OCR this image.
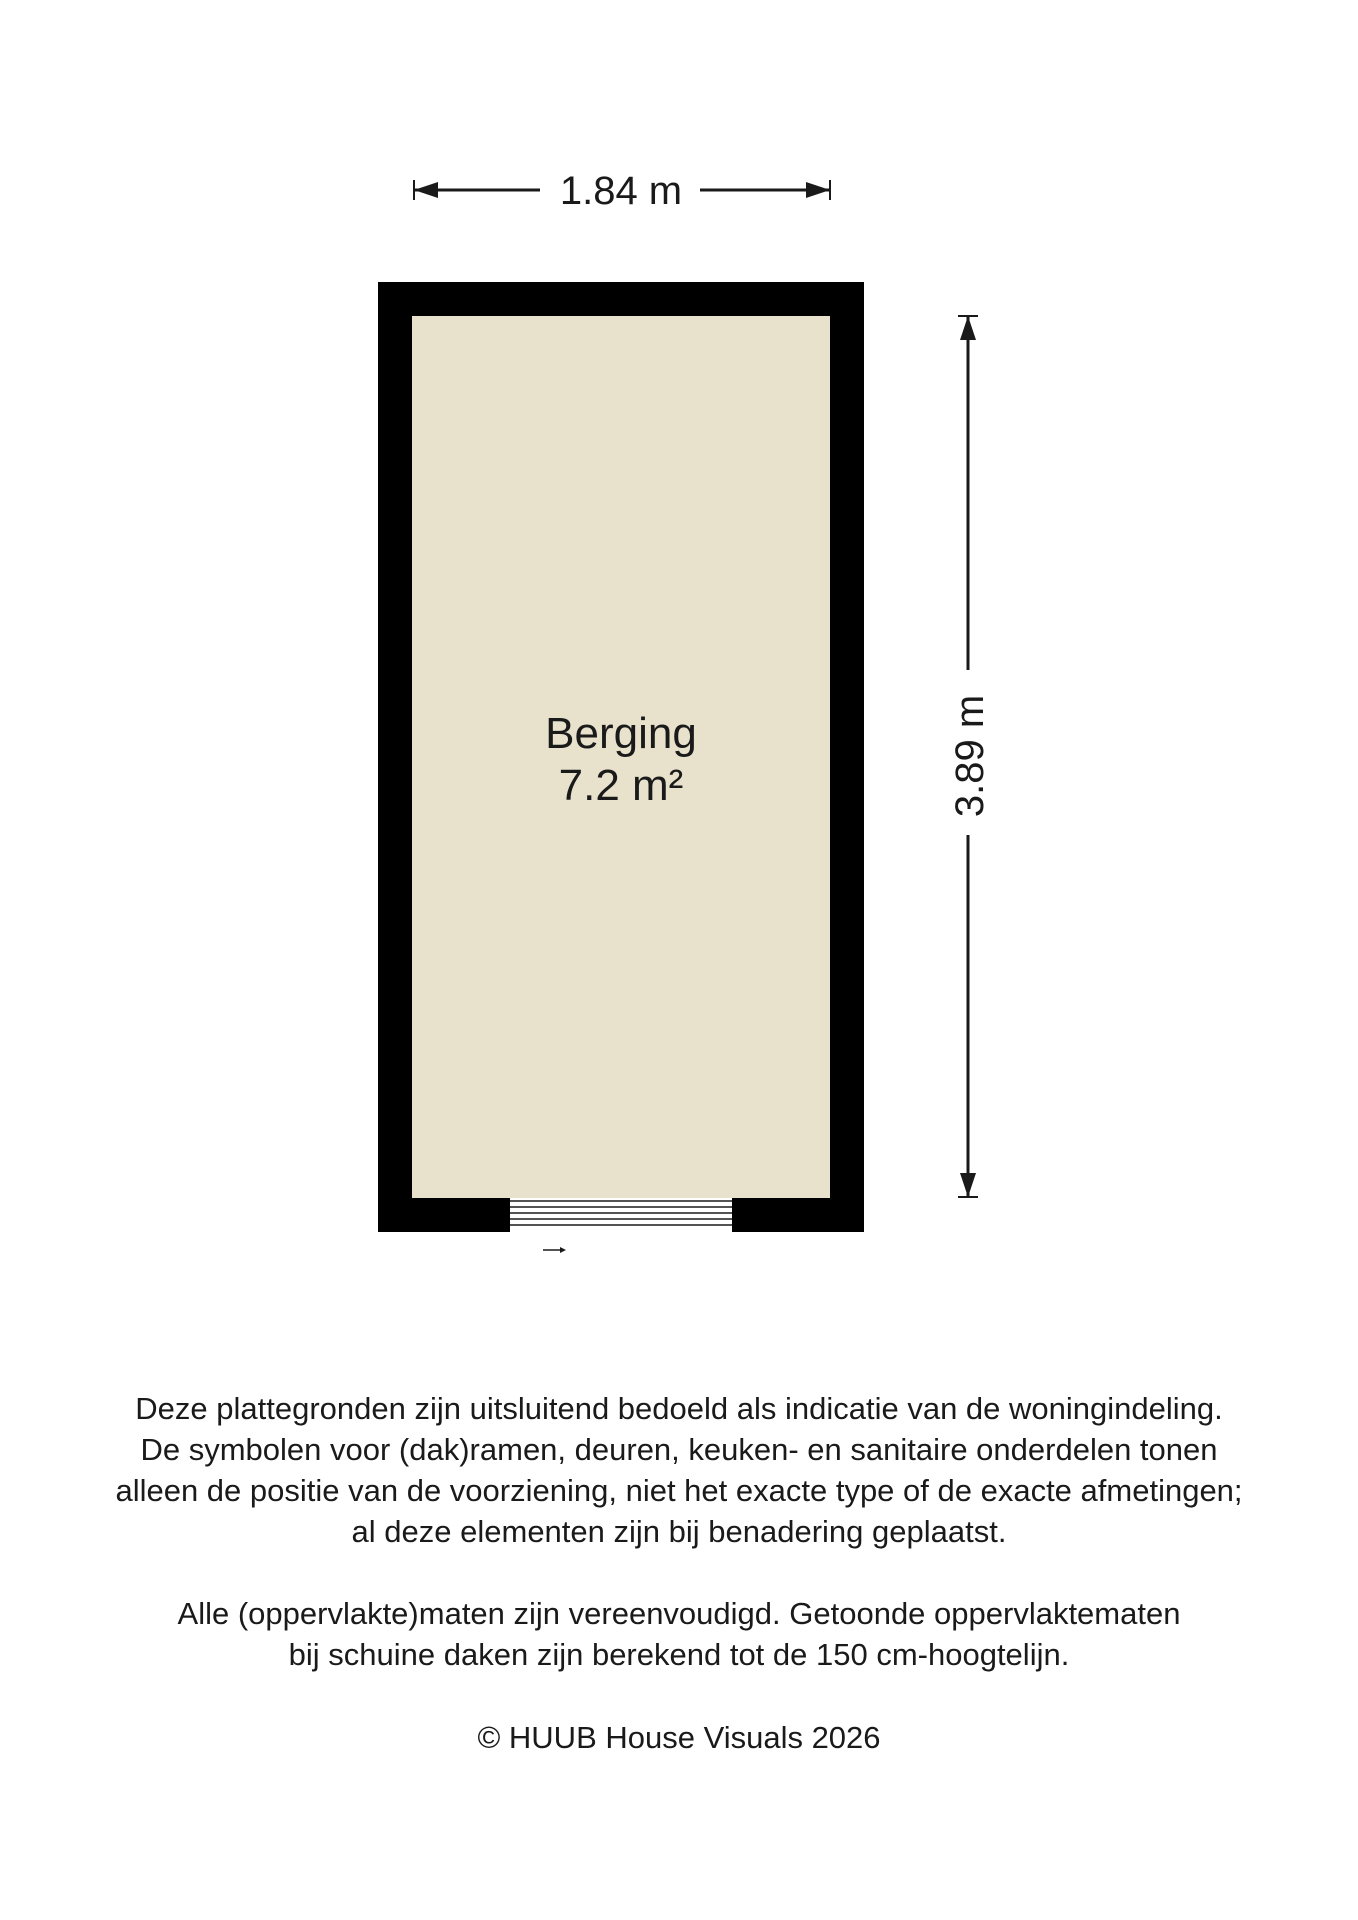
1.84 m
3.89 m
Berging
7.2 m²
Deze plattegronden zijn uitsluitend bedoeld als indicatie van de woningindeling.
De symbolen voor (dak)ramen, deuren, keuken- en sanitaire onderdelen tonen
alleen de positie van de voorziening, niet het exacte type of de exacte afmetingen;
al deze elementen zijn bij benadering geplaatst.
Alle (oppervlakte)maten zijn vereenvoudigd. Getoonde oppervlaktematen
bij schuine daken zijn berekend tot de 150 cm-hoogtelijn.
© HUUB House Visuals 2026
